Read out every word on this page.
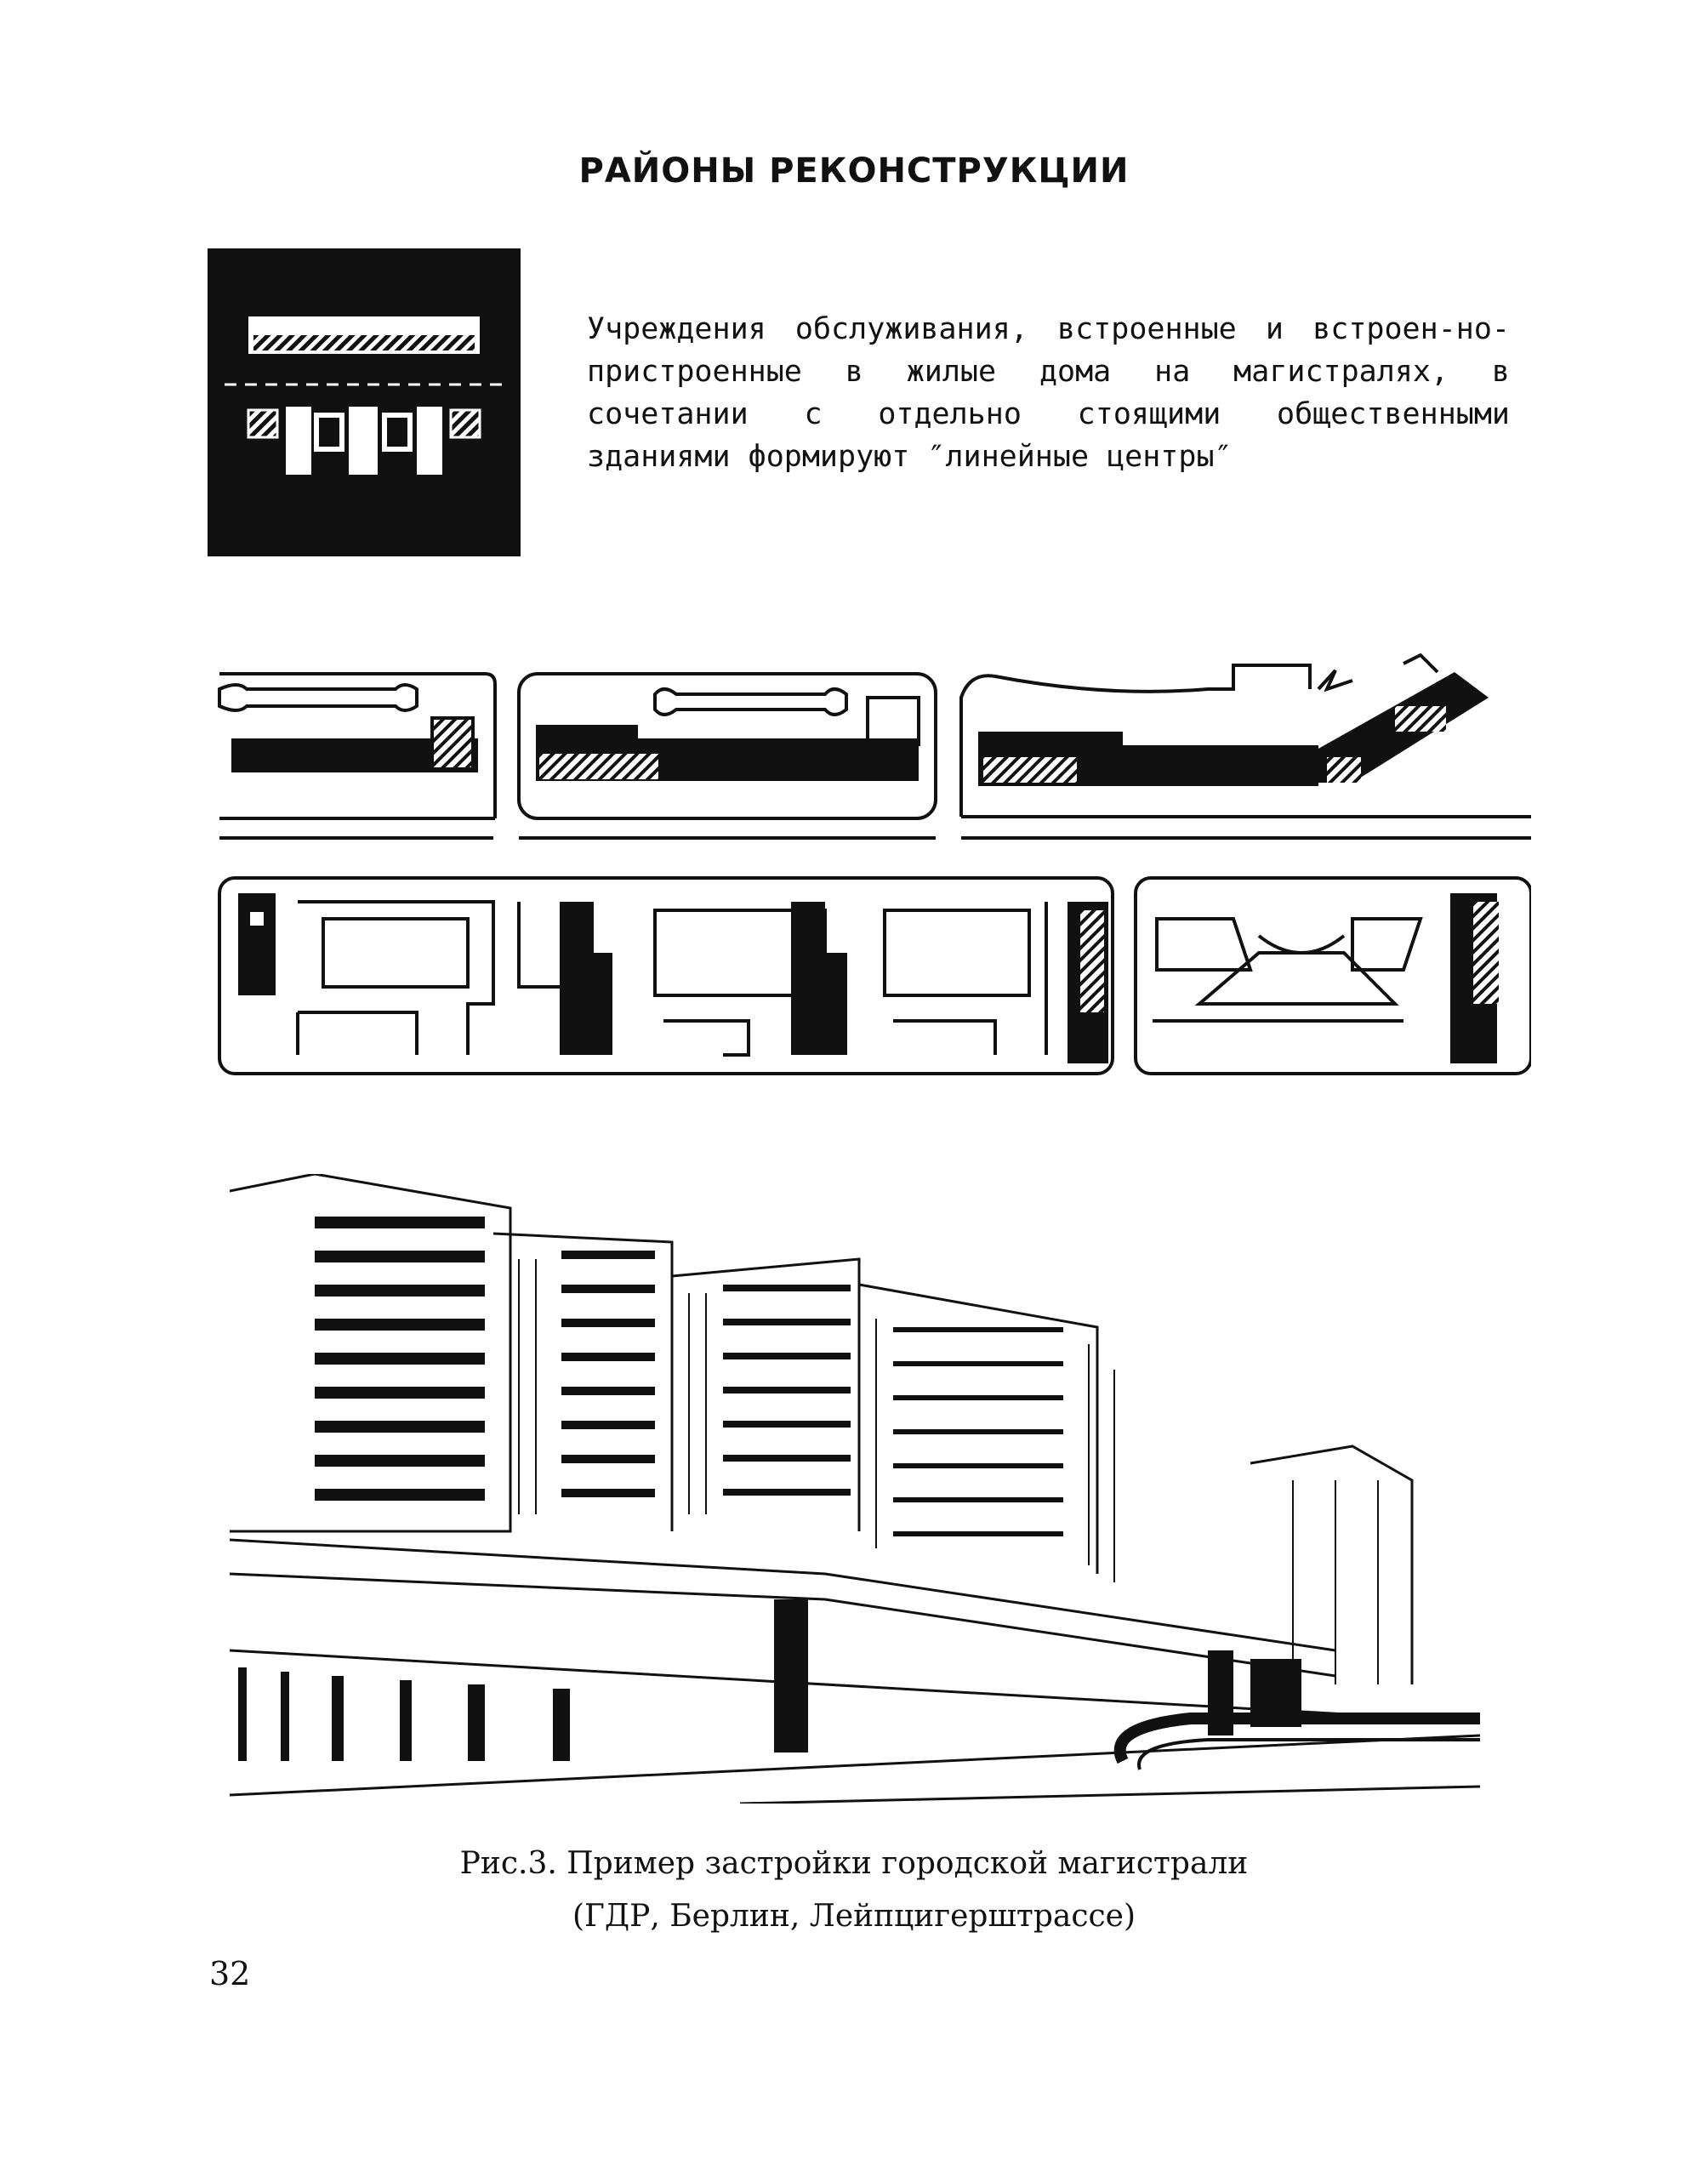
РАЙОНЫ РЕКОНСТРУКЦИИ
Учреждения обслуживания, встроенные и встроен-но-пристроенные в жилые дома на магистралях, в сочетании с отдельно стоящими общественными зданиями формируют ″линейные центры″
Рис.3. Пример застройки городской магистрали
(ГДР, Берлин, Лейпцигерштрассе)
32
